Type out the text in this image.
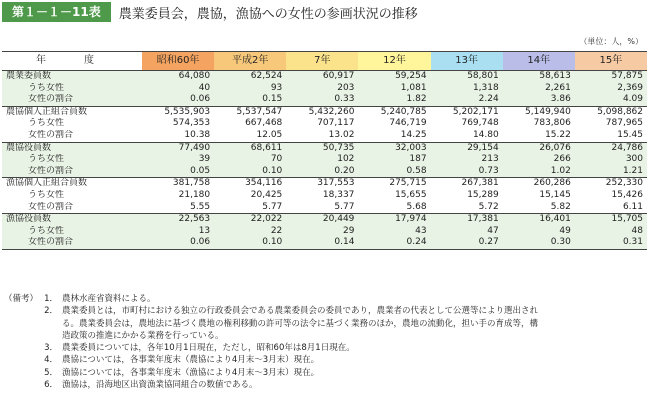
第１－１－11表	農業委員会，農協，漁協への女性の参画状況の推移
（単位：人，%）
年　度	昭和60年	平成2年	7年	12年	13年	14年	15年
農業委員数	64,080	62,524	60,917	59,254	58,801	58,613	57,875
うち女性	40	93	203	1,081	1,318	2,261	2,369
女性の割合	0.06	0.15	0.33	1.82	2.24	3.86	4.09
農協個人正組合員数	5,535,903	5,537,547	5,432,260	5,240,785	5,202,171	5,149,940	5,098,862
うち女性	574,353	667,468	707,117	746,719	769,748	783,806	787,965
女性の割合	10.38	12.05	13.02	14.25	14.80	15.22	15.45
農協役員数	77,490	68,611	50,735	32,003	29,154	26,076	24,786
うち女性	39	70	102	187	213	266	300
女性の割合	0.05	0.10	0.20	0.58	0.73	1.02	1.21
漁協個人正組合員数	381,758	354,116	317,553	275,715	267,381	260,286	252,330
うち女性	21,180	20,425	18,337	15,655	15,289	15,145	15,426
女性の割合	5.55	5.77	5.77	5.68	5.72	5.82	6.11
漁協役員数	22,563	22,022	20,449	17,974	17,381	16,401	15,705
うち女性	13	22	29	43	47	49	48
女性の割合	0.06	0.10	0.14	0.24	0.27	0.30	0.31
（備考） 1． 農林水産省資料による。
2． 農業委員とは，市町村における独立の行政委員会である農業委員会の委員であり，農業者の代表として公選等により選出され
る。農業委員会は，農地法に基づく農地の権利移動の許可等の法令に基づく業務のほか，農地の流動化，担い手の育成等，構
造政策の推進にかかる業務を行っている。
3． 農業委員については，各年10月1日現在，ただし，昭和60年は8月1日現在。
4． 農協については，各事業年度末（農協により4月末～3月末）現在。
5． 漁協については，各事業年度末（漁協により4月末～3月末）現在。
6． 漁協は，沿海地区出資漁業協同組合の数値である。
